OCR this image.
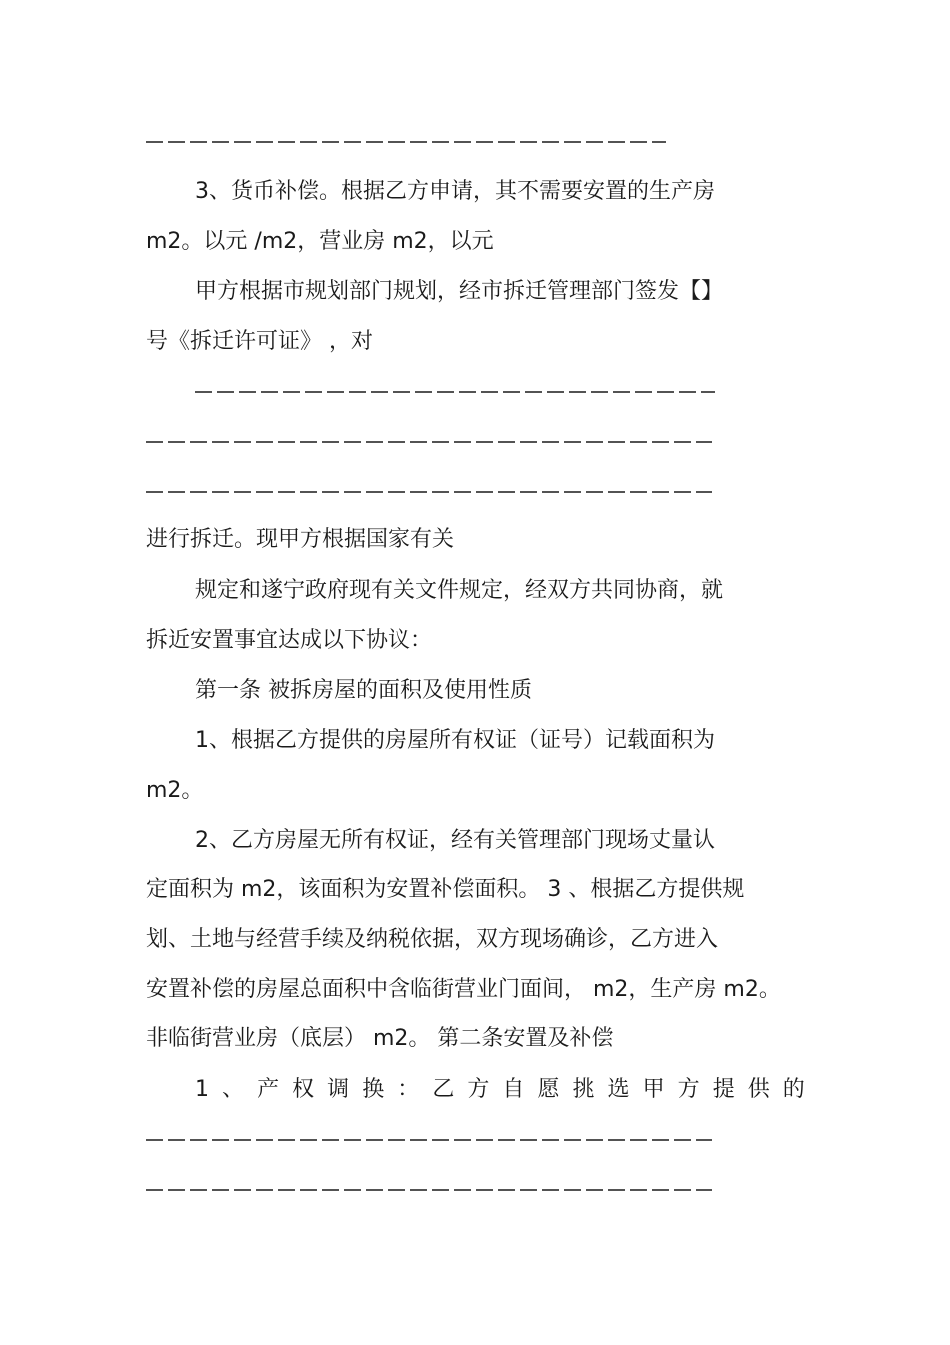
3、货币补偿。根据乙方申请，其不需要安置的生产房

m2。以元 /m2，营业房 m2，以元

甲方根据市规划部门规划，经市拆迁管理部门签发【】

号《拆迁许可证》 ，对

进行拆迁。现甲方根据国家有关

规定和遂宁政府现有关文件规定，经双方共同协商，就

拆近安置事宜达成以下协议：

第一条 被拆房屋的面积及使用性质

1、根据乙方提供的房屋所有权证（证号）记载面积为

m2。

2、乙方房屋无所有权证，经有关管理部门现场丈量认

定面积为 m2，该面积为安置补偿面积。 3 、根据乙方提供规

划、土地与经营手续及纳税依据，双方现场确诊，乙方进入

安置补偿的房屋总面积中含临街营业门面间， m2，生产房 m2。

非临街营业房（底层） m2。 第二条安置及补偿

1 、 产 权 调 换 ： 乙 方 自 愿 挑 选 甲 方 提 供 的
